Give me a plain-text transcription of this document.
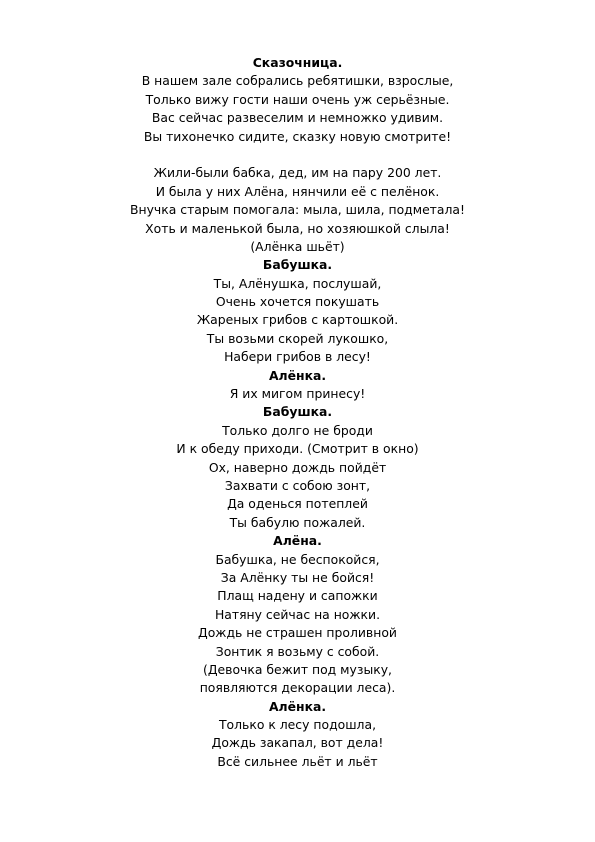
Сказочница.
В нашем зале собрались ребятишки, взрослые,
Только вижу гости наши очень уж серьёзные.
Вас сейчас развеселим и немножко удивим.
Вы тихонечко сидите, сказку новую смотрите!
Жили-были бабка, дед, им на пару 200 лет.
И была у них Алёна, нянчили её с пелёнок.
Внучка старым помогала: мыла, шила, подметала!
Хоть и маленькой была, но хозяюшкой слыла!
(Алёнка шьёт)
Бабушка.
Ты, Алёнушка, послушай,
Очень хочется покушать
Жареных грибов с картошкой.
Ты возьми скорей лукошко,
Набери грибов в лесу!
Алёнка.
Я их мигом принесу!
Бабушка.
Только долго не броди
И к обеду приходи. (Смотрит в окно)
Ох, наверно дождь пойдёт
Захвати с собою зонт,
Да оденься потеплей
Ты бабулю пожалей.
Алёна.
Бабушка, не беспокойся,
За Алёнку ты не бойся!
Плащ надену и сапожки
Натяну сейчас на ножки.
Дождь не страшен проливной
Зонтик я возьму с собой.
(Девочка бежит под музыку,
появляются декорации леса).
Алёнка.
Только к лесу подошла,
Дождь закапал, вот дела!
Всё сильнее льёт и льёт
